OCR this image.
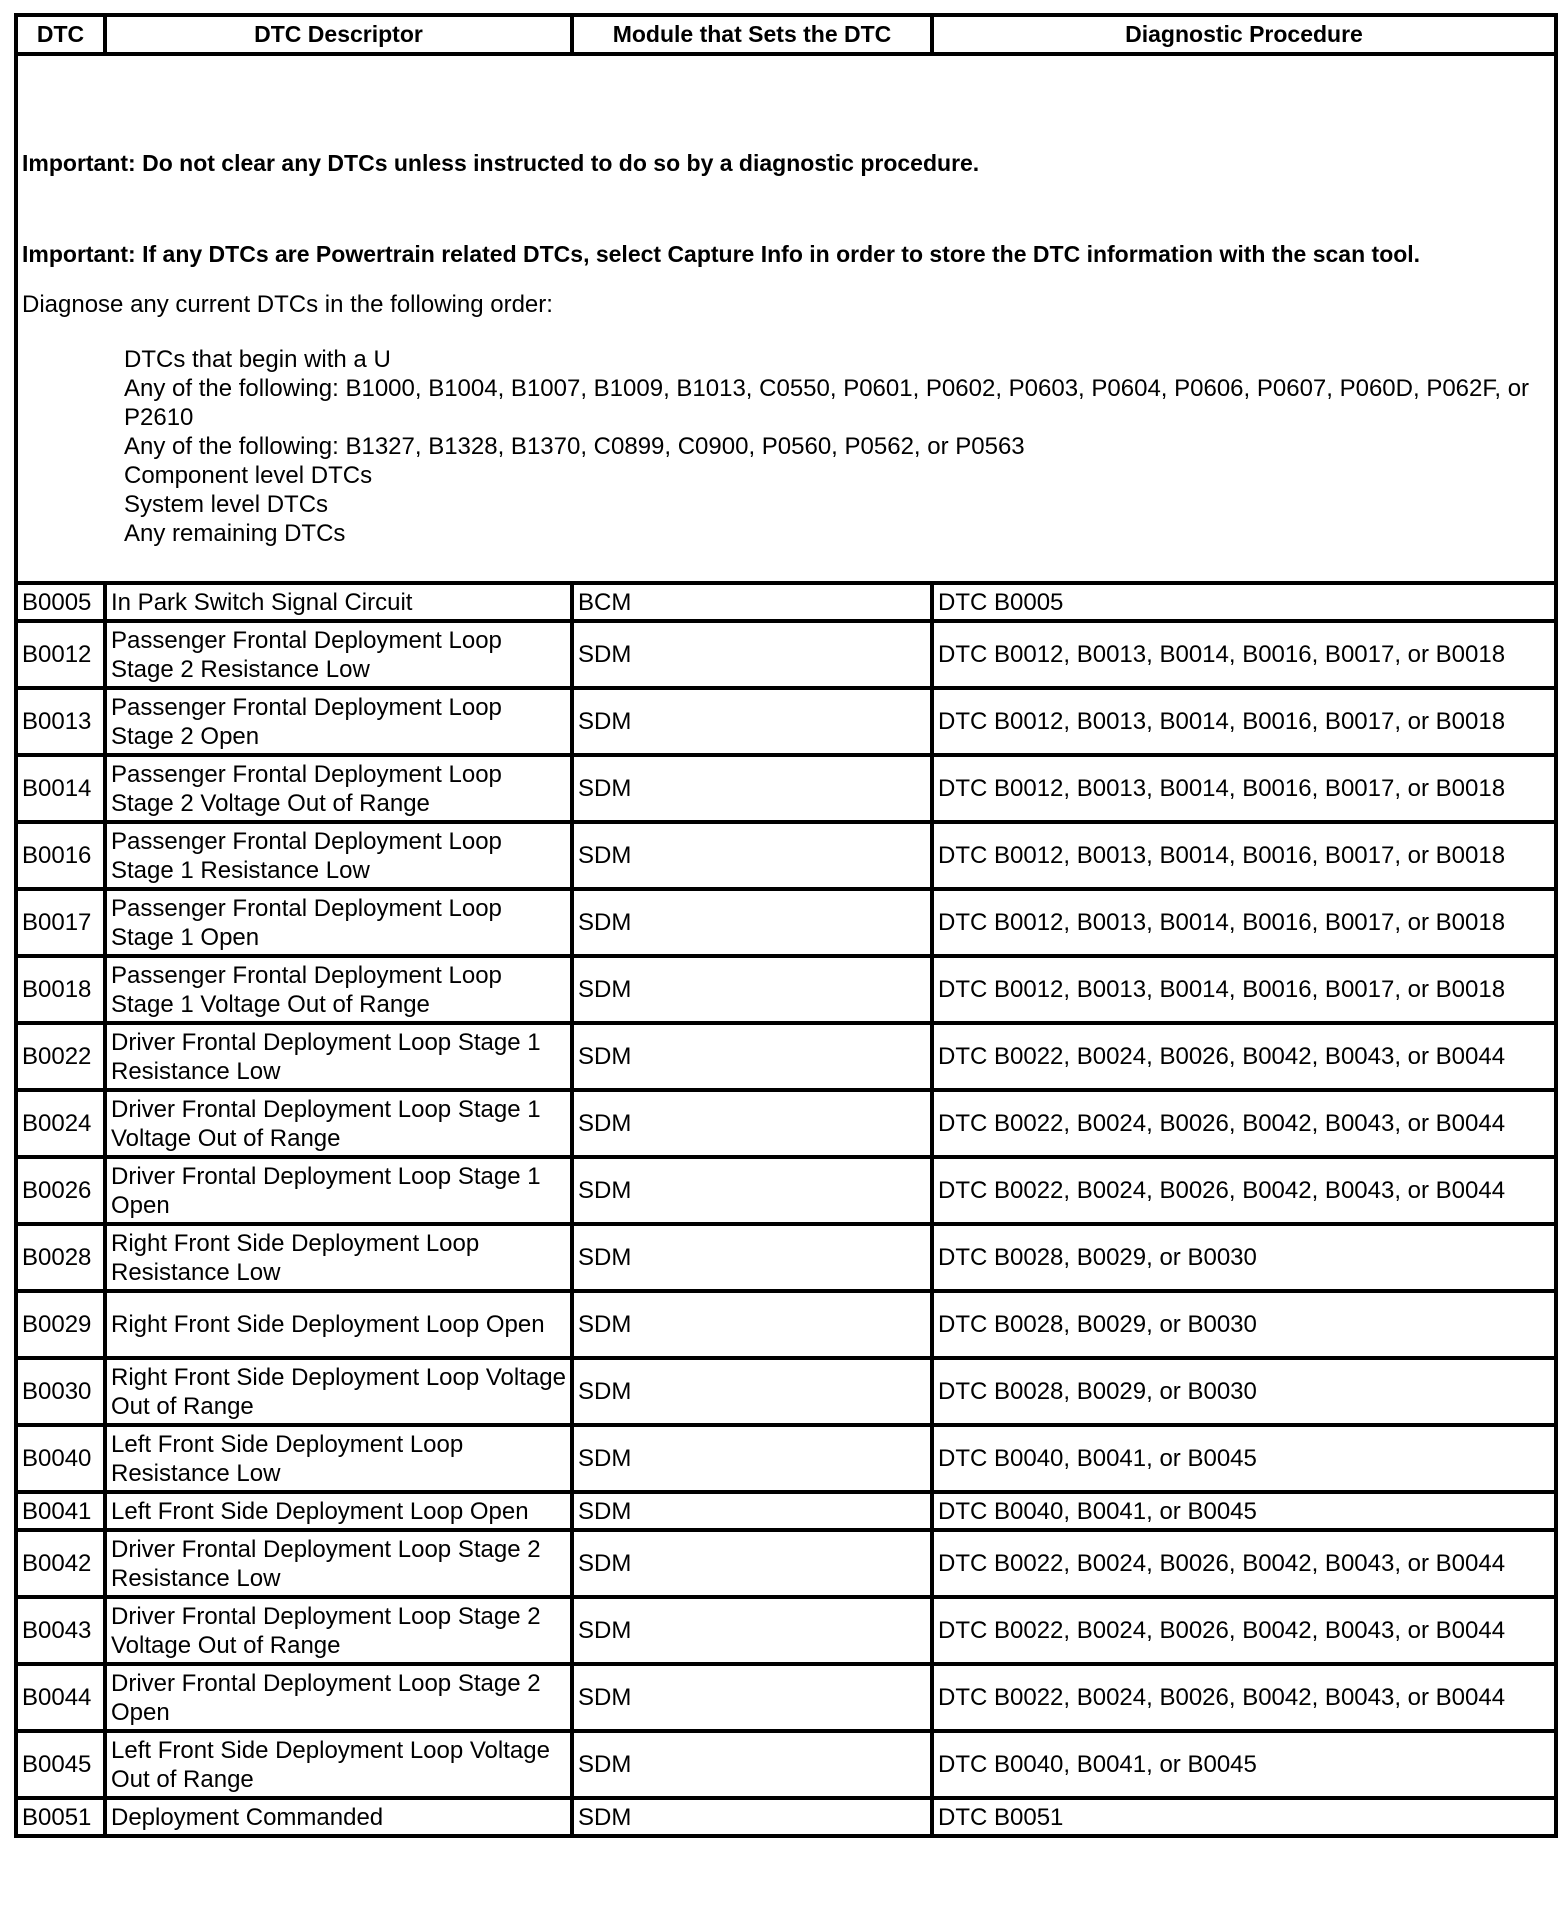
DTC	DTC Descriptor	Module that Sets the DTC	Diagnostic Procedure

Important: Do not clear any DTCs unless instructed to do so by a diagnostic procedure.
Important: If any DTCs are Powertrain related DTCs, select Capture Info in order to store the DTC information with the scan tool.
Diagnose any current DTCs in the following order:
DTCs that begin with a U
Any of the following: B1000, B1004, B1007, B1009, B1013, C0550, P0601, P0602, P0603, P0604, P0606, P0607, P060D, P062F, or P2610
Any of the following: B1327, B1328, B1370, C0899, C0900, P0560, P0562, or P0563
Component level DTCs
System level DTCs
Any remaining DTCs

B0005	In Park Switch Signal Circuit	BCM	DTC B0005
B0012	Passenger Frontal Deployment Loop Stage 2 Resistance Low	SDM	DTC B0012, B0013, B0014, B0016, B0017, or B0018
B0013	Passenger Frontal Deployment Loop Stage 2 Open	SDM	DTC B0012, B0013, B0014, B0016, B0017, or B0018
B0014	Passenger Frontal Deployment Loop Stage 2 Voltage Out of Range	SDM	DTC B0012, B0013, B0014, B0016, B0017, or B0018
B0016	Passenger Frontal Deployment Loop Stage 1 Resistance Low	SDM	DTC B0012, B0013, B0014, B0016, B0017, or B0018
B0017	Passenger Frontal Deployment Loop Stage 1 Open	SDM	DTC B0012, B0013, B0014, B0016, B0017, or B0018
B0018	Passenger Frontal Deployment Loop Stage 1 Voltage Out of Range	SDM	DTC B0012, B0013, B0014, B0016, B0017, or B0018
B0022	Driver Frontal Deployment Loop Stage 1 Resistance Low	SDM	DTC B0022, B0024, B0026, B0042, B0043, or B0044
B0024	Driver Frontal Deployment Loop Stage 1 Voltage Out of Range	SDM	DTC B0022, B0024, B0026, B0042, B0043, or B0044
B0026	Driver Frontal Deployment Loop Stage 1 Open	SDM	DTC B0022, B0024, B0026, B0042, B0043, or B0044
B0028	Right Front Side Deployment Loop Resistance Low	SDM	DTC B0028, B0029, or B0030
B0029	Right Front Side Deployment Loop Open	SDM	DTC B0028, B0029, or B0030
B0030	Right Front Side Deployment Loop Voltage Out of Range	SDM	DTC B0028, B0029, or B0030
B0040	Left Front Side Deployment Loop Resistance Low	SDM	DTC B0040, B0041, or B0045
B0041	Left Front Side Deployment Loop Open	SDM	DTC B0040, B0041, or B0045
B0042	Driver Frontal Deployment Loop Stage 2 Resistance Low	SDM	DTC B0022, B0024, B0026, B0042, B0043, or B0044
B0043	Driver Frontal Deployment Loop Stage 2 Voltage Out of Range	SDM	DTC B0022, B0024, B0026, B0042, B0043, or B0044
B0044	Driver Frontal Deployment Loop Stage 2 Open	SDM	DTC B0022, B0024, B0026, B0042, B0043, or B0044
B0045	Left Front Side Deployment Loop Voltage Out of Range	SDM	DTC B0040, B0041, or B0045
B0051	Deployment Commanded	SDM	DTC B0051
